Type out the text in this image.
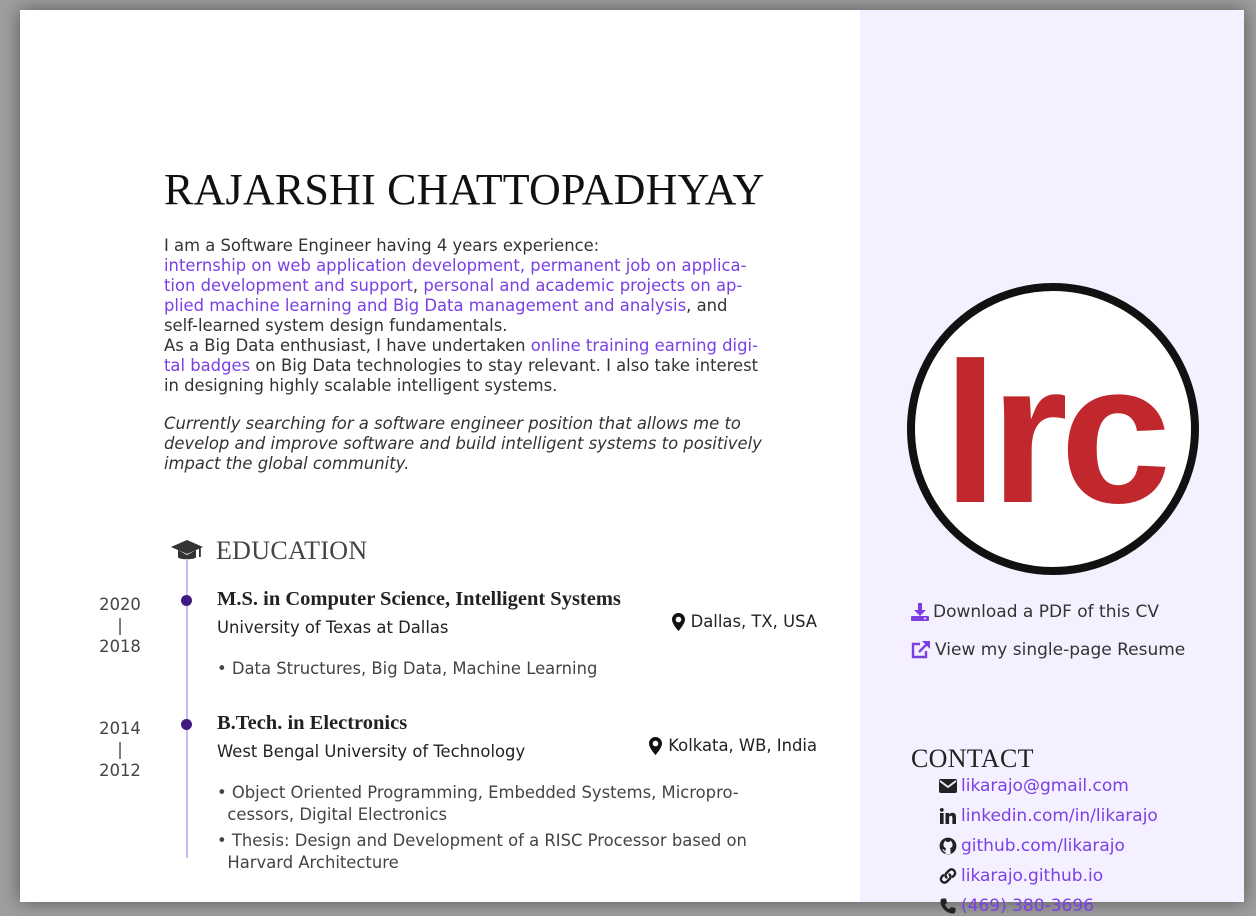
RAJARSHI CHATTOPADHYAY
I am a Software Engineer having 4 years experience:
internship on web application development, permanent job on applica-
tion development and support, personal and academic projects on ap-
plied machine learning and Big Data management and analysis, and
self-learned system design fundamentals.
As a Big Data enthusiast, I have undertaken online training earning digi-
tal badges on Big Data technologies to stay relevant. I also take interest
in designing highly scalable intelligent systems.
Currently searching for a software engineer position that allows me to
develop and improve software and build intelligent systems to positively
impact the global community.
EDUCATION
2020
|
2018
M.S. in Computer Science, Intelligent Systems
University of Texas at Dallas	Dallas, TX, USA
• Data Structures, Big Data, Machine Learning
2014
|
2012
B.Tech. in Electronics
West Bengal University of Technology	Kolkata, WB, India
• Object Oriented Programming, Embedded Systems, Micropro-
cessors, Digital Electronics
• Thesis: Design and Development of a RISC Processor based on
Harvard Architecture
lrc
Download a PDF of this CV
View my single-page Resume
CONTACT
likarajo@gmail.com
linkedin.com/in/likarajo
github.com/likarajo
likarajo.github.io
(469) 380-3696
